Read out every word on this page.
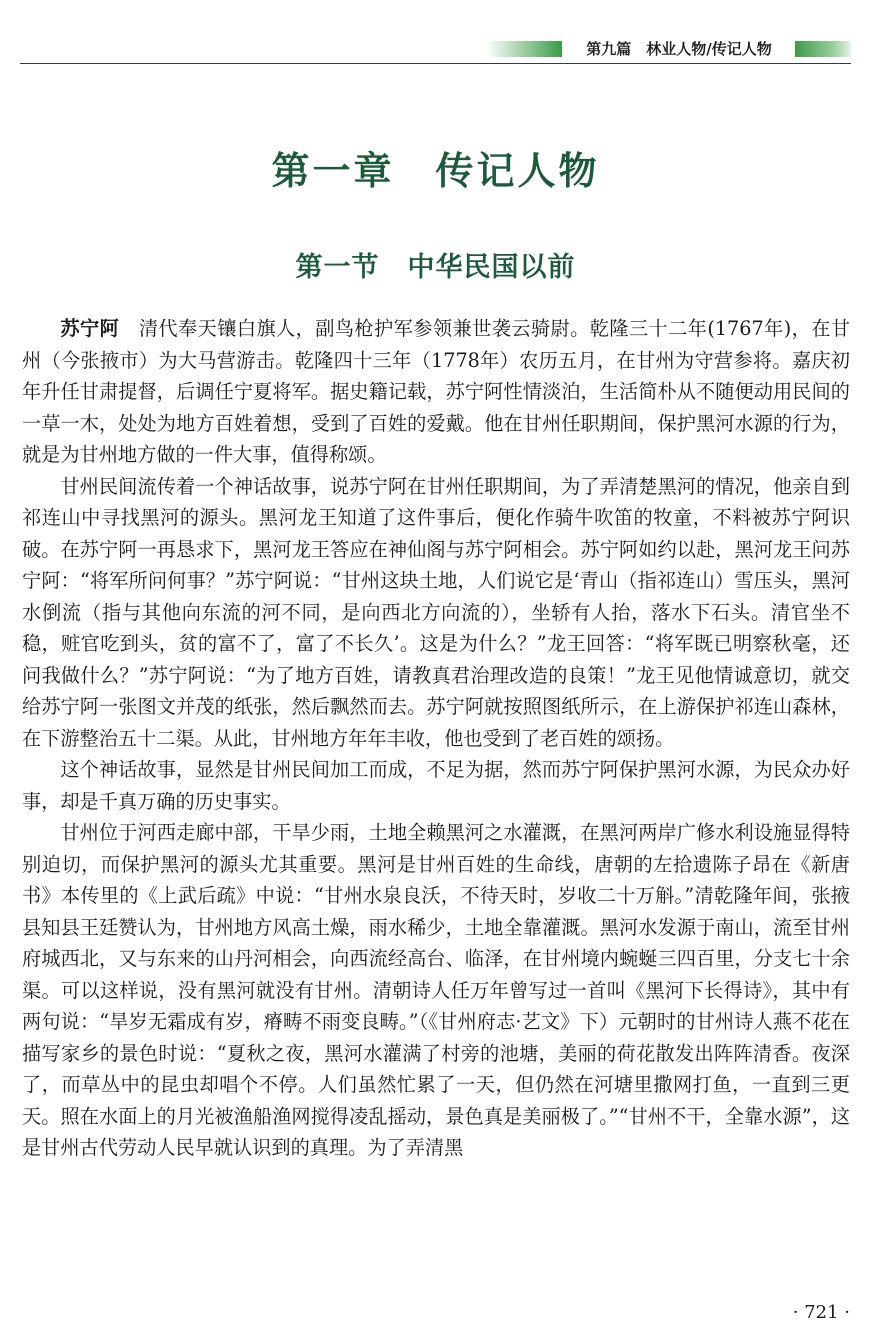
第九篇　林业人物/传记人物
第一章　传记人物
第一节　中华民国以前

苏宁阿　清代奉天镶白旗人，副鸟枪护军参领兼世袭云骑尉。乾隆三十二年(1767年)，在甘州（今张掖市）为大马营游击。乾隆四十三年（1778年）农历五月，在甘州为守营参将。嘉庆初年升任甘肃提督，后调任宁夏将军。据史籍记载，苏宁阿性情淡泊，生活简朴从不随便动用民间的一草一木，处处为地方百姓着想，受到了百姓的爱戴。他在甘州任职期间，保护黑河水源的行为，就是为甘州地方做的一件大事，值得称颂。

甘州民间流传着一个神话故事，说苏宁阿在甘州任职期间，为了弄清楚黑河的情况，他亲自到祁连山中寻找黑河的源头。黑河龙王知道了这件事后，便化作骑牛吹笛的牧童，不料被苏宁阿识破。在苏宁阿一再恳求下，黑河龙王答应在神仙阁与苏宁阿相会。苏宁阿如约以赴，黑河龙王问苏宁阿：“将军所问何事？”苏宁阿说：“甘州这块土地，人们说它是‘青山（指祁连山）雪压头，黑河水倒流（指与其他向东流的河不同，是向西北方向流的），坐轿有人抬，落水下石头。清官坐不稳，赃官吃到头，贫的富不了，富了不长久’。这是为什么？”龙王回答：“将军既已明察秋毫，还问我做什么？”苏宁阿说：“为了地方百姓，请教真君治理改造的良策！”龙王见他情诚意切，就交给苏宁阿一张图文并茂的纸张，然后飘然而去。苏宁阿就按照图纸所示，在上游保护祁连山森林，在下游整治五十二渠。从此，甘州地方年年丰收，他也受到了老百姓的颂扬。

这个神话故事，显然是甘州民间加工而成，不足为据，然而苏宁阿保护黑河水源，为民众办好事，却是千真万确的历史事实。

甘州位于河西走廊中部，干旱少雨，土地全赖黑河之水灌溉，在黑河两岸广修水利设施显得特别迫切，而保护黑河的源头尤其重要。黑河是甘州百姓的生命线，唐朝的左拾遗陈子昂在《新唐书》本传里的《上武后疏》中说：“甘州水泉良沃，不待天时，岁收二十万斛。”清乾隆年间，张掖县知县王廷赞认为，甘州地方风高土燥，雨水稀少，土地全靠灌溉。黑河水发源于南山，流至甘州府城西北，又与东来的山丹河相会，向西流经高台、临泽，在甘州境内蜿蜒三四百里，分支七十余渠。可以这样说，没有黑河就没有甘州。清朝诗人任万年曾写过一首叫《黑河下长得诗》，其中有两句说：“旱岁无霜成有岁，瘠畴不雨变良畴。”（《甘州府志·艺文》下）元朝时的甘州诗人燕不花在描写家乡的景色时说：“夏秋之夜，黑河水灌满了村旁的池塘，美丽的荷花散发出阵阵清香。夜深了，而草丛中的昆虫却唱个不停。人们虽然忙累了一天，但仍然在河塘里撒网打鱼，一直到三更天。照在水面上的月光被渔船渔网搅得凌乱摇动，景色真是美丽极了。”“甘州不干，全靠水源”，这是甘州古代劳动人民早就认识到的真理。为了弄清黑

· 721 ·
